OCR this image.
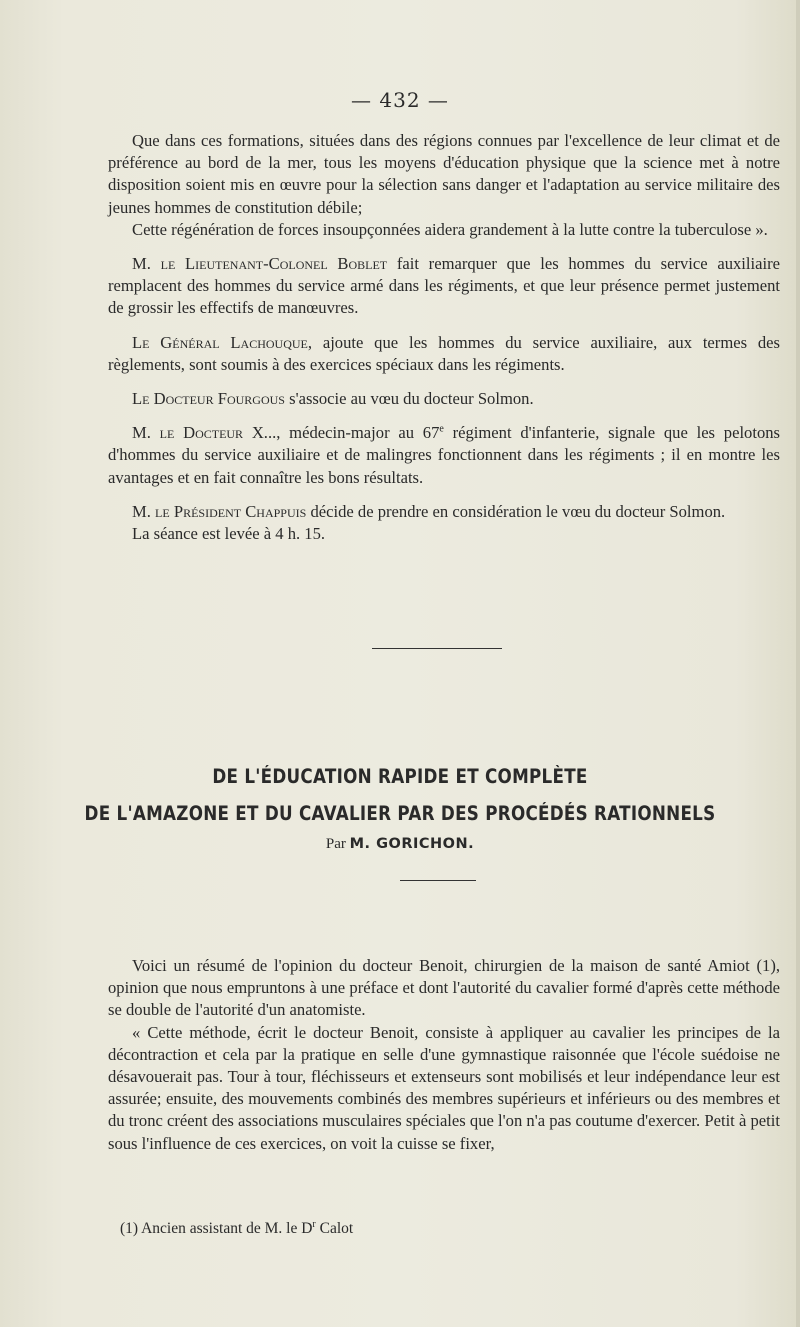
— 432 —

Que dans ces formations, situées dans des régions connues par l'excellence de leur climat et de préférence au bord de la mer, tous les moyens d'éducation physique que la science met à notre disposition soient mis en œuvre pour la sélection sans danger et l'adaptation au service militaire des jeunes hommes de constitution débile;

Cette régénération de forces insoupçonnées aidera grandement à la lutte contre la tuberculose ».

M. le Lieutenant-Colonel Boblet fait remarquer que les hommes du service auxiliaire remplacent des hommes du service armé dans les régiments, et que leur présence permet justement de grossir les effectifs de manœuvres.

Le Général Lachouque, ajoute que les hommes du service auxiliaire, aux termes des règlements, sont soumis à des exercices spéciaux dans les régiments.

Le Docteur Fourgous s'associe au vœu du docteur Solmon.

M. le Docteur X..., médecin-major au 67e régiment d'infanterie, signale que les pelotons d'hommes du service auxiliaire et de malingres fonctionnent dans les régiments ; il en montre les avantages et en fait connaître les bons résultats.

M. le Président Chappuis décide de prendre en considération le vœu du docteur Solmon.

La séance est levée à 4 h. 15.

DE L'ÉDUCATION RAPIDE ET COMPLÈTE
DE L'AMAZONE ET DU CAVALIER PAR DES PROCÉDÉS RATIONNELS
Par M. GORICHON.

Voici un résumé de l'opinion du docteur Benoit, chirurgien de la maison de santé Amiot (1), opinion que nous empruntons à une préface et dont l'autorité du cavalier formé d'après cette méthode se double de l'autorité d'un anatomiste.

« Cette méthode, écrit le docteur Benoit, consiste à appliquer au cavalier les principes de la décontraction et cela par la pratique en selle d'une gymnastique raisonnée que l'école suédoise ne désavouerait pas. Tour à tour, fléchisseurs et extenseurs sont mobilisés et leur indépendance leur est assurée; ensuite, des mouvements combinés des membres supérieurs et inférieurs ou des membres et du tronc créent des associations musculaires spéciales que l'on n'a pas coutume d'exercer. Petit à petit sous l'influence de ces exercices, on voit la cuisse se fixer,

(1) Ancien assistant de M. le $D^r$ Calot
